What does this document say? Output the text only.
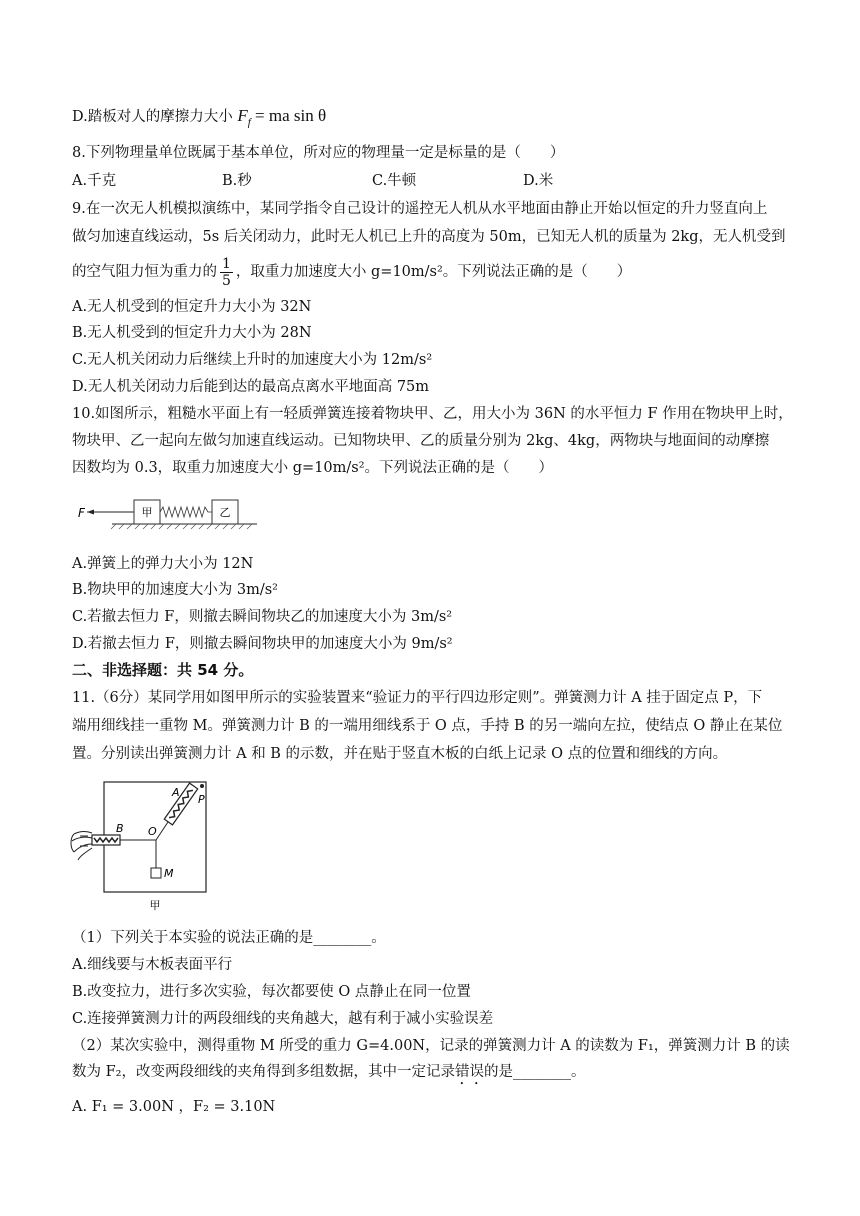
D.踏板对人的摩擦力大小 $F_f$ = ma sin θ
8.下列物理量单位既属于基本单位，所对应的物理量一定是标量的是（　　）
A.千克	B.秒	C.牛顿	D.米
9.在一次无人机模拟演练中，某同学指令自己设计的遥控无人机从水平地面由静止开始以恒定的升力竖直向上
做匀加速直线运动，5s 后关闭动力，此时无人机已上升的高度为 50m，已知无人机的质量为 2kg，无人机受到
的空气阻力恒为重力的 $\frac{1}{5}$ ，取重力加速度大小 g=10m/s²。下列说法正确的是（　　）
A.无人机受到的恒定升力大小为 32N
B.无人机受到的恒定升力大小为 28N
C.无人机关闭动力后继续上升时的加速度大小为 12m/s²
D.无人机关闭动力后能到达的最高点离水平地面高 75m
10.如图所示，粗糙水平面上有一轻质弹簧连接着物块甲、乙，用大小为 36N 的水平恒力 F 作用在物块甲上时，
物块甲、乙一起向左做匀加速直线运动。已知物块甲、乙的质量分别为 2kg、4kg，两物块与地面间的动摩擦
因数均为 0.3，取重力加速度大小 g=10m/s²。下列说法正确的是（　　）
F	甲	乙
A.弹簧上的弹力大小为 12N
B.物块甲的加速度大小为 3m/s²
C.若撤去恒力 F，则撤去瞬间物块乙的加速度大小为 3m/s²
D.若撤去恒力 F，则撤去瞬间物块甲的加速度大小为 9m/s²
二、非选择题：共 54 分。
11.（6分）某同学用如图甲所示的实验装置来“验证力的平行四边形定则”。弹簧测力计 A 挂于固定点 P，下
端用细线挂一重物 M。弹簧测力计 B 的一端用细线系于 O 点，手持 B 的另一端向左拉，使结点 O 静止在某位
置。分别读出弹簧测力计 A 和 B 的示数，并在贴于竖直木板的白纸上记录 O 点的位置和细线的方向。
A
P
O
M
B
甲
（1）下列关于本实验的说法正确的是________。
A.细线要与木板表面平行
B.改变拉力，进行多次实验，每次都要使 O 点静止在同一位置
C.连接弹簧测力计的两段细线的夹角越大，越有利于减小实验误差
（2）某次实验中，测得重物 M 所受的重力 G=4.00N，记录的弹簧测力计 A 的读数为 F₁，弹簧测力计 B 的读
数为 F₂，改变两段细线的夹角得到多组数据，其中一定记录错误的是________。
A. F₁ = 3.00N ，F₂ = 3.10N
